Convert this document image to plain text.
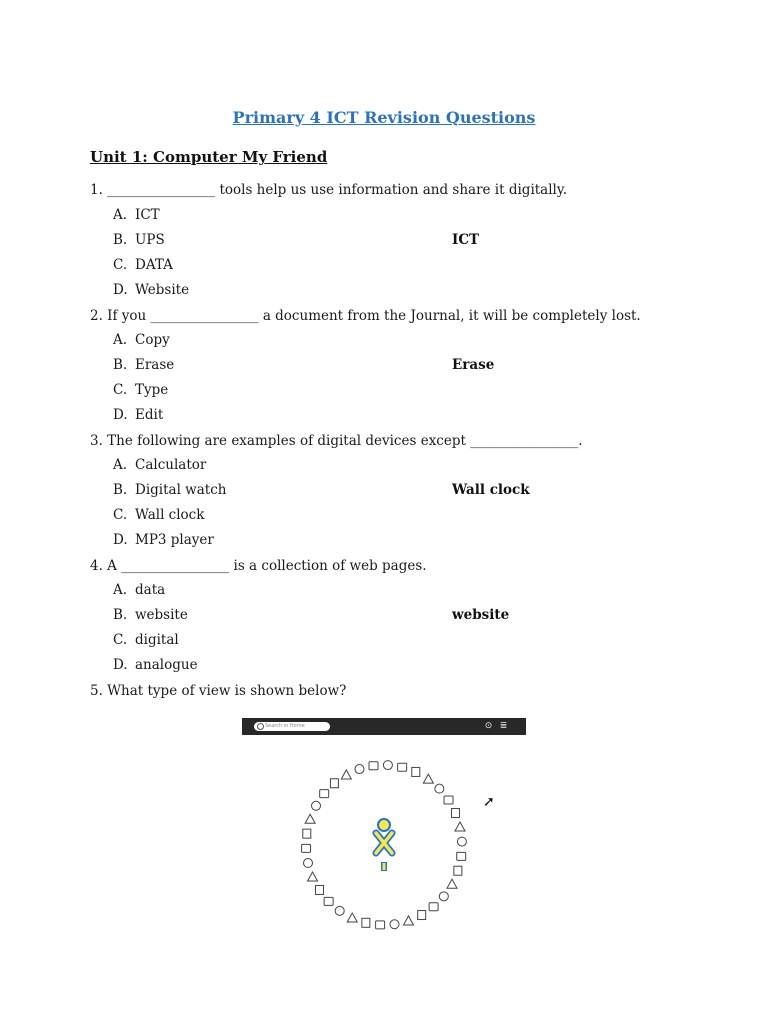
Primary 4 ICT Revision Questions
Unit 1: Computer My Friend
1. ________________ tools help us use information and share it digitally.
A. ICT
B. UPS
C. DATA
D. Website
ICT
2. If you ________________ a document from the Journal, it will be completely lost.
A. Copy
B. Erase
C. Type
D. Edit
Erase
3. The following are examples of digital devices except ________________.
A. Calculator
B. Digital watch
C. Wall clock
D. MP3 player
Wall clock
4. A ________________ is a collection of web pages.
A. data
B. website
C. digital
D. analogue
website
5. What type of view is shown below?
Search in Home	⊙ ≣
➚
